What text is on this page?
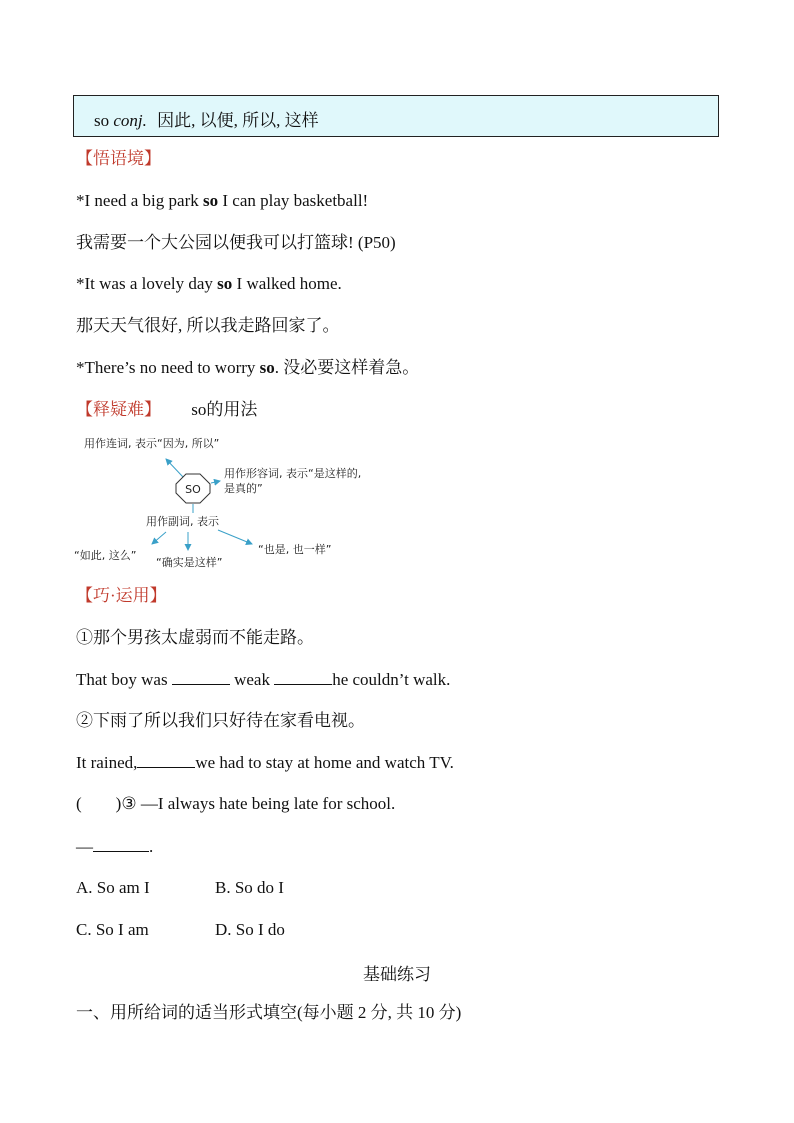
so conj. 因此, 以便, 所以, 这样
【悟语境】
*I need a big park so I can play basketball!
我需要一个大公园以便我可以打篮球! (P50)
*It was a lovely day so I walked home.
那天天气很好, 所以我走路回家了。
*There’s no need to worry so. 没必要这样着急。
【释疑难】 so的用法
用作连词, 表示“因为, 所以”
SO
用作形容词, 表示“是这样的,
是真的”
用作副词, 表示
“如此, 这么”
“确实是这样”
“也是, 也一样”
【巧·运用】
①那个男孩太虚弱而不能走路。
That boy was	weak	he couldn’t walk.
②下雨了所以我们只好待在家看电视。
It rained,	we had to stay at home and watch TV.
(        )③ —I always hate being late for school.
—	.
A. So am I	B. So do I
C. So I am	D. So I do
基础练习
一、用所给词的适当形式填空(每小题 2 分, 共 10 分)
